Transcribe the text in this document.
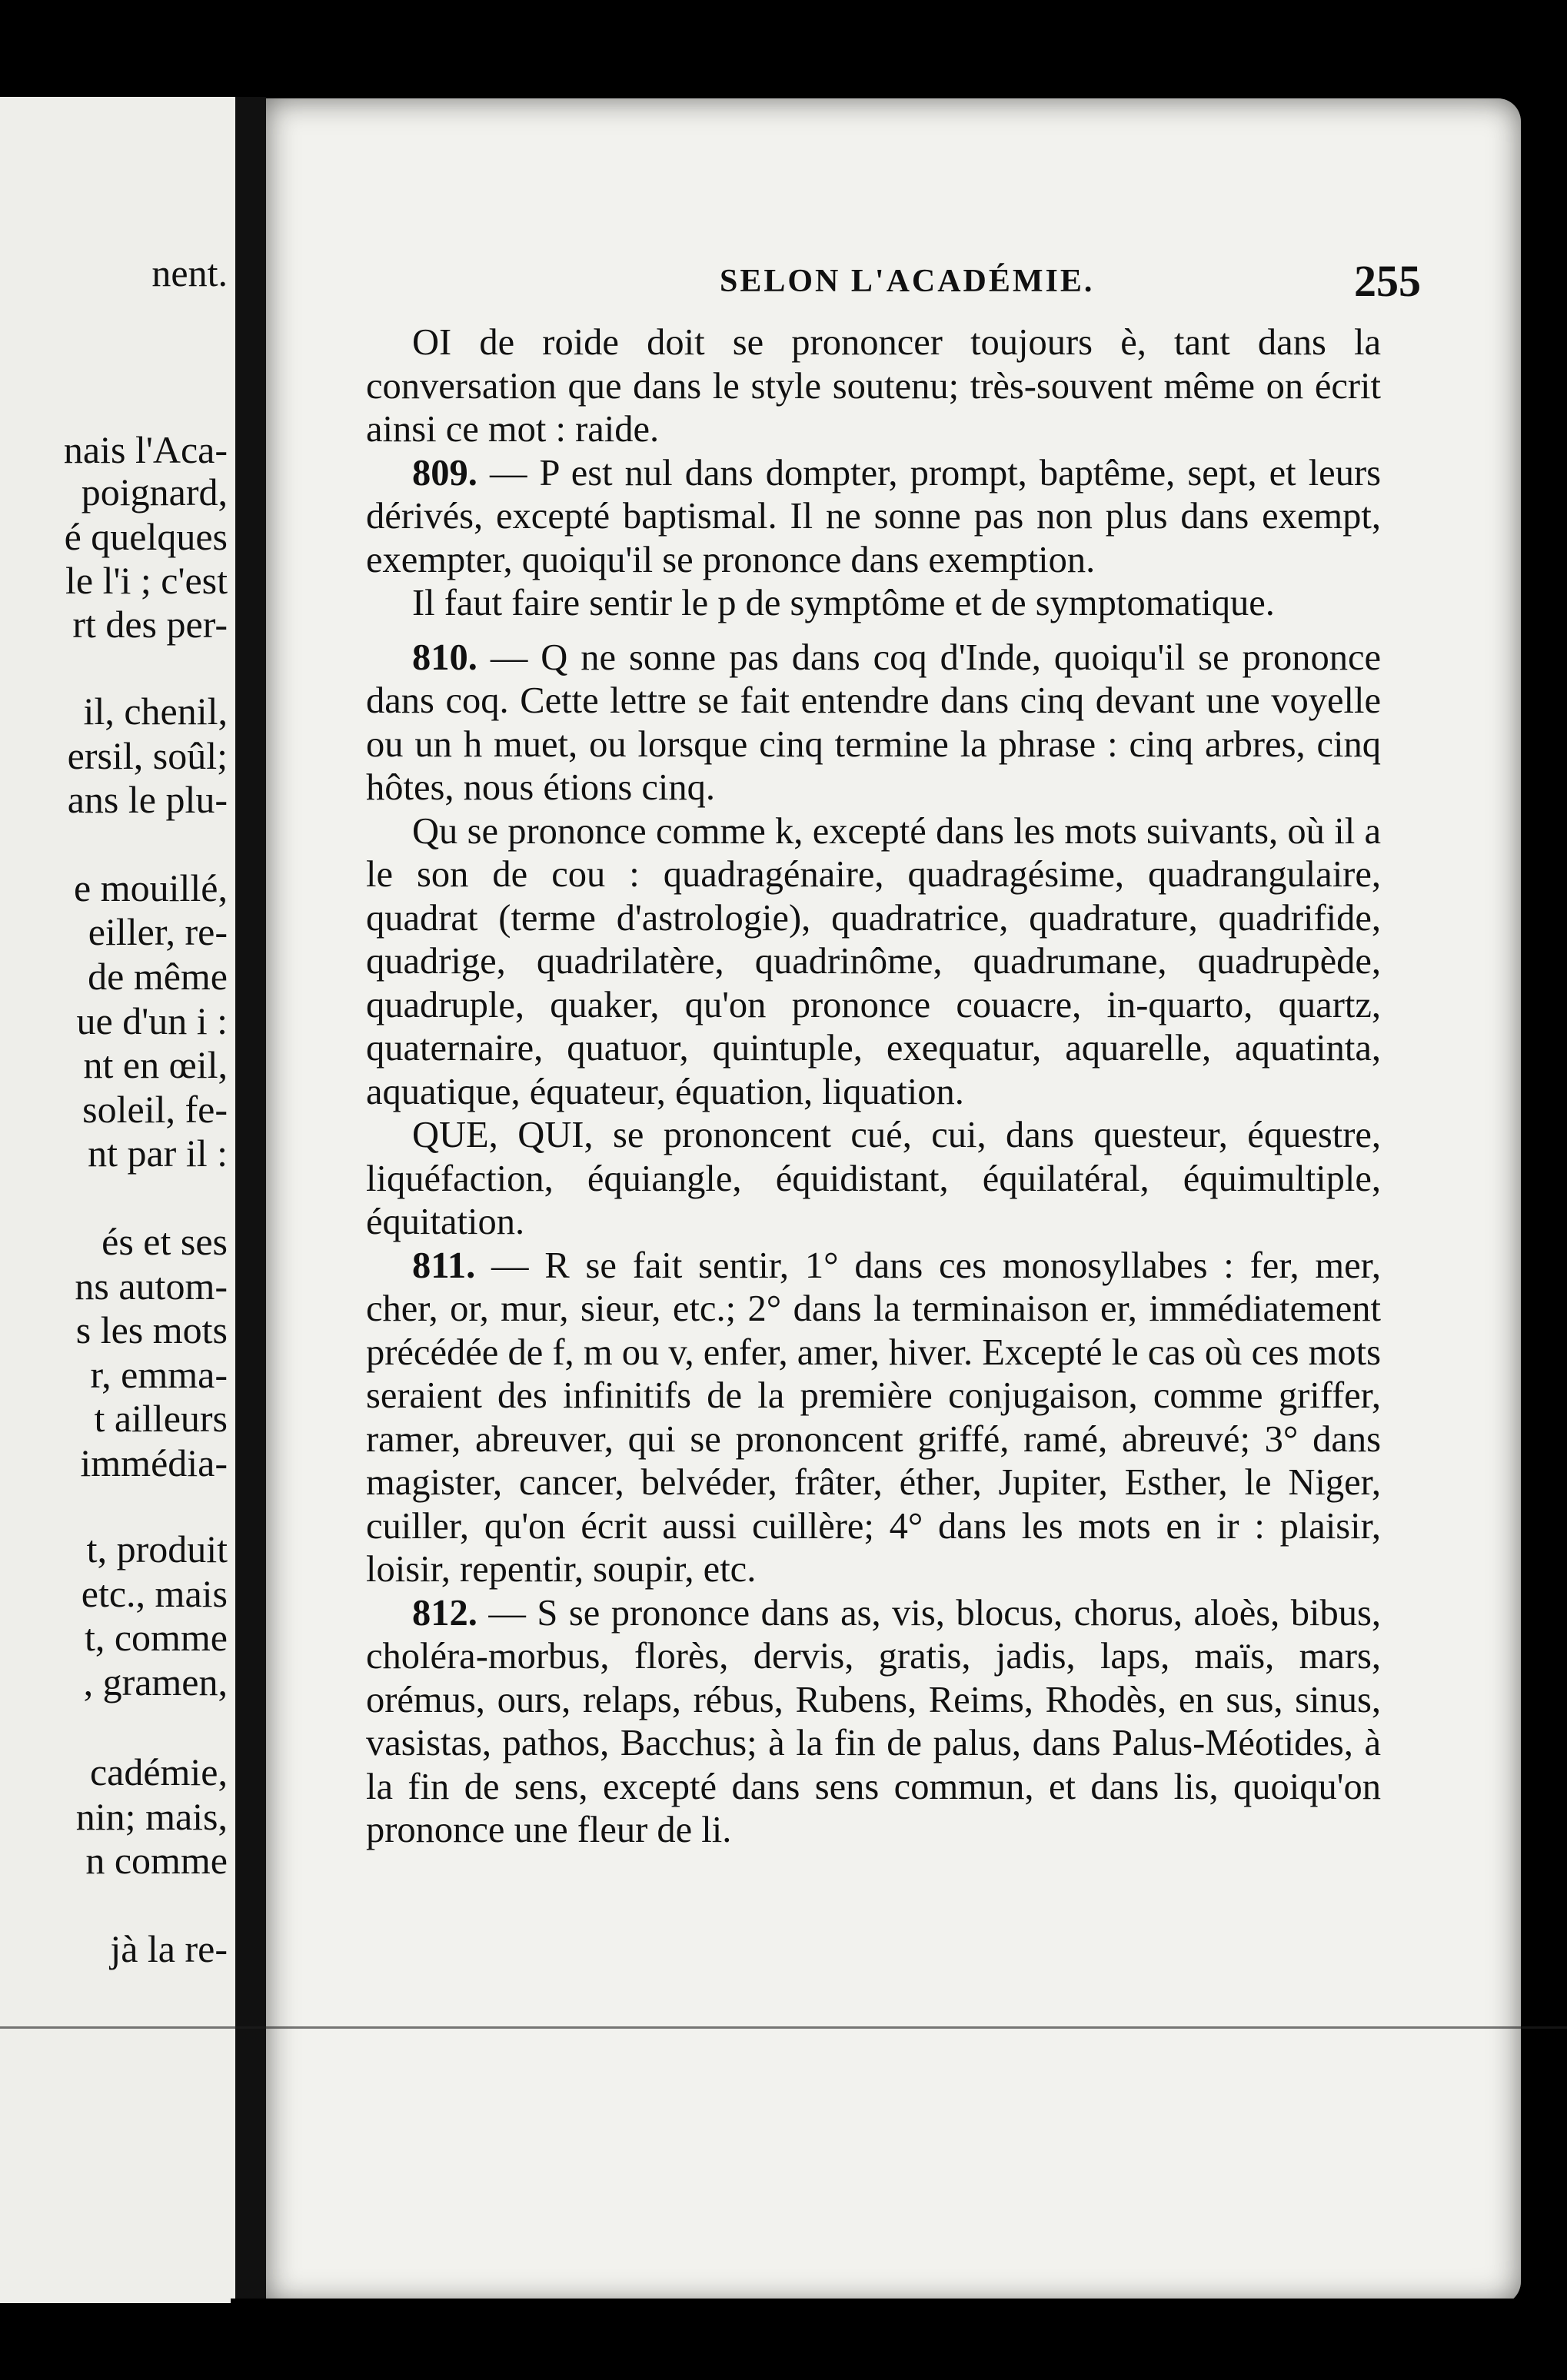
nent.
nais l'Aca-
poignard,
é quelques
le l'i ; c'est
rt des per-
il, chenil,
ersil, soûl;
ans le plu-
e mouillé,
eiller, re-
de même
ue d'un i :
nt en œil,
soleil, fe-
nt par il :
és et ses
ns autom-
s les mots
r, emma-
t ailleurs
immédia-
t, produit
etc., mais
t, comme
, gramen,
cadémie,
nin; mais,
n comme
jà la re-
SELON L'ACADÉMIE.	255

OI de roide doit se prononcer toujours è, tant dans la conversation que dans le style soutenu; très-souvent même on écrit ainsi ce mot : raide.

809. — P est nul dans dompter, prompt, baptême, sept, et leurs dérivés, excepté baptismal. Il ne sonne pas non plus dans exempt, exempter, quoiqu'il se prononce dans exemption.

Il faut faire sentir le p de symptôme et de symptomatique.

810. — Q ne sonne pas dans coq d'Inde, quoiqu'il se prononce dans coq. Cette lettre se fait entendre dans cinq devant une voyelle ou un h muet, ou lorsque cinq termine la phrase : cinq arbres, cinq hôtes, nous étions cinq.

Qu se prononce comme k, excepté dans les mots suivants, où il a le son de cou : quadragénaire, quadragésime, quadrangulaire, quadrat (terme d'astrologie), quadratrice, quadrature, quadrifide, quadrige, quadrilatère, quadrinôme, quadrumane, quadrupède, quadruple, quaker, qu'on prononce couacre, in-quarto, quartz, quaternaire, quatuor, quintuple, exequatur, aquarelle, aquatinta, aquatique, équateur, équation, liquation.

QUE, QUI, se prononcent cué, cui, dans questeur, équestre, liquéfaction, équiangle, équidistant, équilatéral, équimultiple, équitation.

811. — R se fait sentir, 1° dans ces monosyllabes : fer, mer, cher, or, mur, sieur, etc.; 2° dans la terminaison er, immédiatement précédée de f, m ou v, enfer, amer, hiver. Excepté le cas où ces mots seraient des infinitifs de la première conjugaison, comme griffer, ramer, abreuver, qui se prononcent griffé, ramé, abreuvé; 3° dans magister, cancer, belvéder, frâter, éther, Jupiter, Esther, le Niger, cuiller, qu'on écrit aussi cuillère; 4° dans les mots en ir : plaisir, loisir, repentir, soupir, etc.

812. — S se prononce dans as, vis, blocus, chorus, aloès, bibus, choléra-morbus, florès, dervis, gratis, jadis, laps, maïs, mars, orémus, ours, relaps, rébus, Rubens, Reims, Rhodès, en sus, sinus, vasistas, pathos, Bacchus; à la fin de palus, dans Palus-Méotides, à la fin de sens, excepté dans sens commun, et dans lis, quoiqu'on prononce une fleur de li.
